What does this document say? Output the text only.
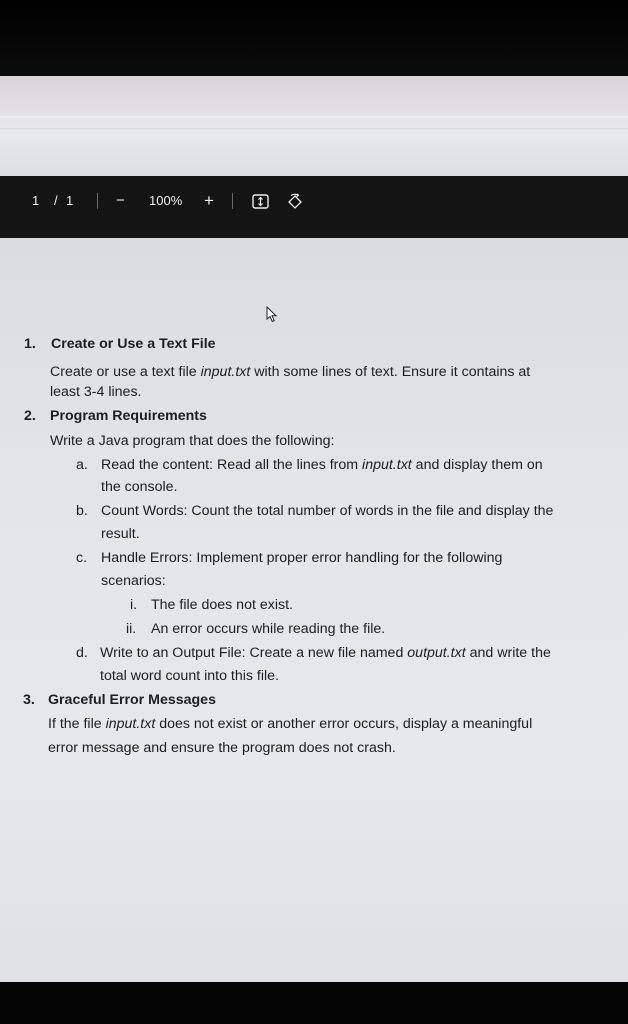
1 / 1	− 100% +
1. Create or Use a Text File
Create or use a text file input.txt with some lines of text. Ensure it contains at
least 3-4 lines.
2. Program Requirements
Write a Java program that does the following:
a. Read the content: Read all the lines from input.txt and display them on
the console.
b. Count Words: Count the total number of words in the file and display the
result.
c. Handle Errors: Implement proper error handling for the following
scenarios:
i. The file does not exist.
ii. An error occurs while reading the file.
d. Write to an Output File: Create a new file named output.txt and write the
total word count into this file.
3. Graceful Error Messages
If the file input.txt does not exist or another error occurs, display a meaningful
error message and ensure the program does not crash.
